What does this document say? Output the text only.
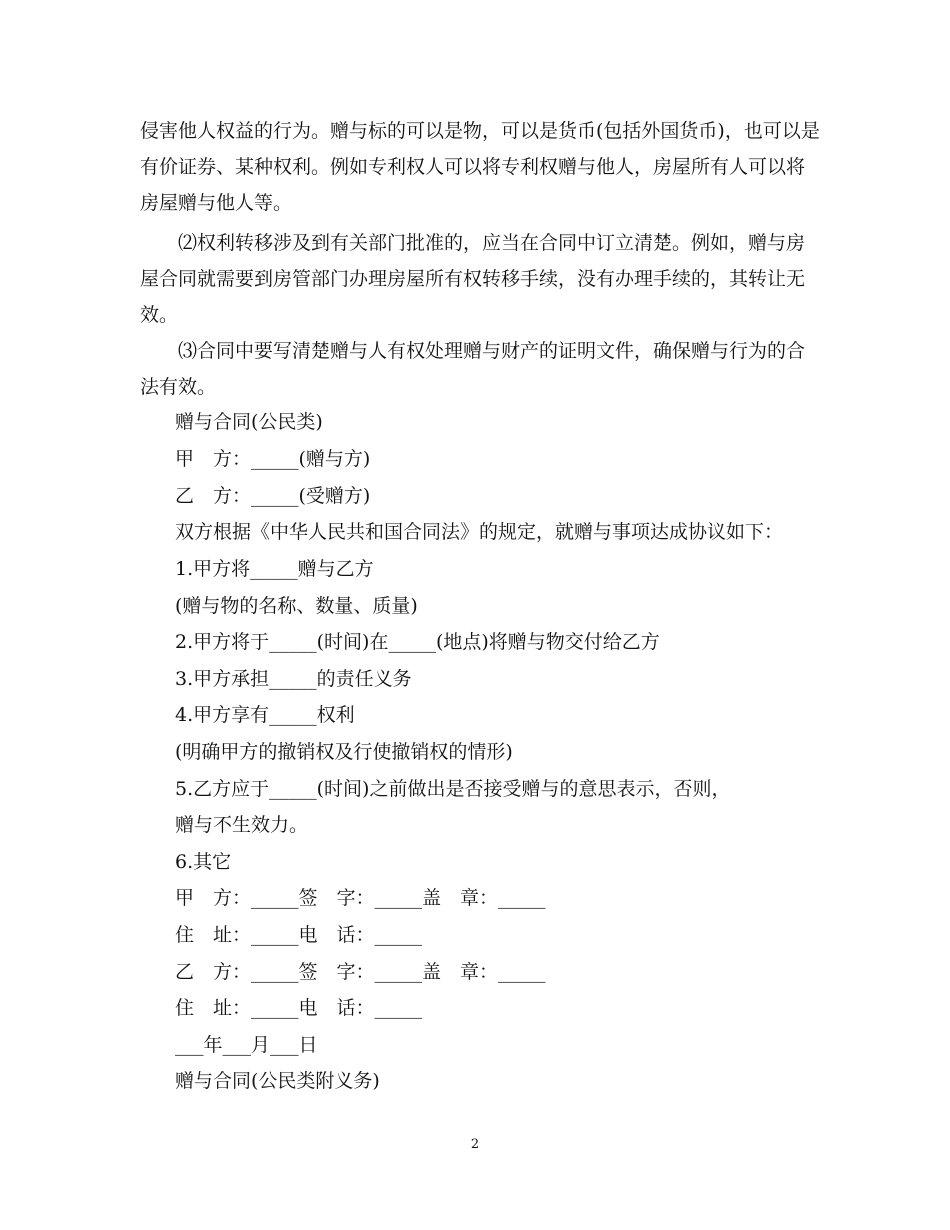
侵害他人权益的行为。赠与标的可以是物，可以是货币(包括外国货币)，也可以是有价证券、某种权利。例如专利权人可以将专利权赠与他人，房屋所有人可以将房屋赠与他人等。
⑵权利转移涉及到有关部门批准的，应当在合同中订立清楚。例如，赠与房屋合同就需要到房管部门办理房屋所有权转移手续，没有办理手续的，其转让无效。
⑶合同中要写清楚赠与人有权处理赠与财产的证明文件，确保赠与行为的合法有效。
赠与合同(公民类)
甲　方：_____(赠与方)
乙　方：_____(受赠方)
双方根据《中华人民共和国合同法》的规定，就赠与事项达成协议如下：
1.甲方将_____赠与乙方
(赠与物的名称、数量、质量)
2.甲方将于_____(时间)在_____(地点)将赠与物交付给乙方
3.甲方承担_____的责任义务
4.甲方享有_____权利
(明确甲方的撤销权及行使撤销权的情形)
5.乙方应于_____(时间)之前做出是否接受赠与的意思表示，否则，
赠与不生效力。
6.其它
甲　方：_____签　字：_____盖　章：_____
住　址：_____电　话：_____
乙　方：_____签　字：_____盖　章：_____
住　址：_____电　话：_____
___年___月___日
赠与合同(公民类附义务)
2
